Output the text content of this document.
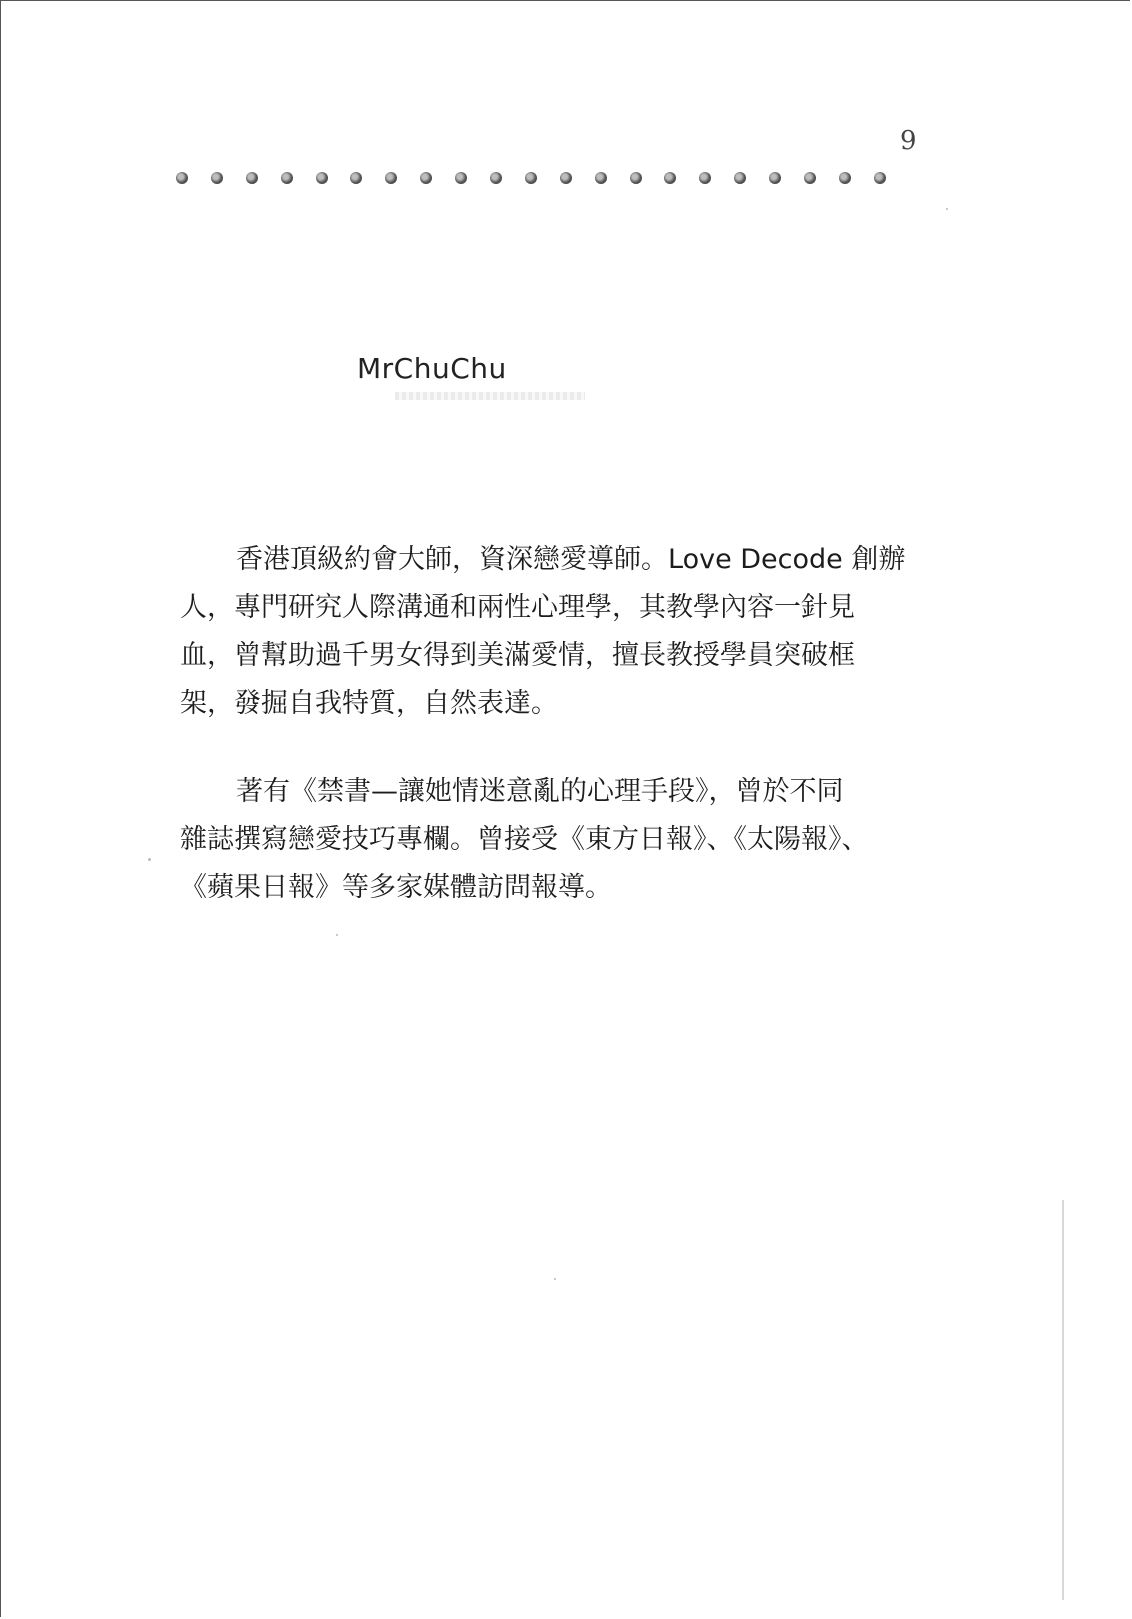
9
MrChuChu
香港頂級約會大師，資深戀愛導師。Love Decode 創辦
人，專門研究人際溝通和兩性心理學，其教學內容一針見
血，曾幫助過千男女得到美滿愛情，擅長教授學員突破框
架，發掘自我特質，自然表達。
著有《禁書—讓她情迷意亂的心理手段》，曾於不同
雜誌撰寫戀愛技巧專欄。曾接受《東方日報》、《太陽報》、
《蘋果日報》等多家媒體訪問報導。
